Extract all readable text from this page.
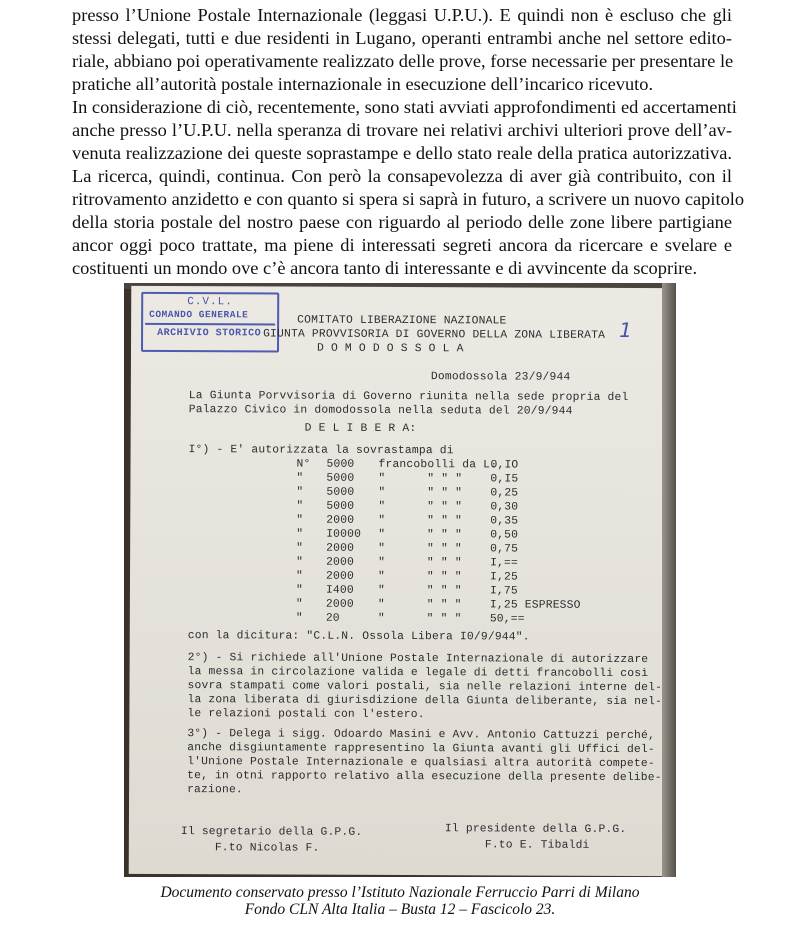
presso l’Unione Postale Internazionale (leggasi U.P.U.). E quindi non è escluso che gli
stessi delegati, tutti e due residenti in Lugano, operanti entrambi anche nel settore edito-
riale, abbiano poi operativamente realizzato delle prove, forse necessarie per presentare le
pratiche all’autorità postale internazionale in esecuzione dell’incarico ricevuto.
In considerazione di ciò, recentemente, sono stati avviati approfondimenti ed accertamenti
anche presso l’U.P.U. nella speranza di trovare nei relativi archivi ulteriori prove dell’av-
venuta realizzazione dei queste soprastampe e dello stato reale della pratica autorizzativa.
La ricerca, quindi, continua. Con però la consapevolezza di aver già contribuito, con il
ritrovamento anzidetto e con quanto si spera si saprà in futuro, a scrivere un nuovo capitolo
della storia postale del nostro paese con riguardo al periodo delle zone libere partigiane
ancor oggi poco trattate, ma piene di interessati segreti ancora da ricercare e svelare e
costituenti un mondo ove c’è ancora tanto di interessante e di avvincente da scoprire.
C.V.L.
COMANDO GENERALE
ARCHIVIO STORICO	1
COMITATO LIBERAZIONE NAZIONALE
GIUNTA PROVVISORIA DI GOVERNO DELLA ZONA LIBERATA
D O M O D O S S O L A
Domodossola 23/9/944
La Giunta Porvvisoria di Governo riunita nella sede propria del
Palazzo Civico in domodossola nella seduta del 20/9/944
D E L I B E R A:
I°) - E' autorizzata la sovrastampa di
N° 5000 francobolli da L.
0,IO
" 5000 "      " " " 0,I5
" 5000 "      " " " 0,25
" 5000 "      " " " 0,30
" 2000 "      " " " 0,35
" I0000 "      " " " 0,50
" 2000 "      " " " 0,75
" 2000 "      " " " I,==
" 2000 "      " " " I,25
" I400 "      " " " I,75
" 2000 "      " " " I,25 ESPRESSO
" 20	"      " " " 50,==
con la dicitura: "C.L.N. Ossola Libera I0/9/944".
2°) - Si richiede all'Unione Postale Internazionale di autorizzare
la messa in circolazione valida e legale di detti francobolli così
sovra stampati come valori postali, sia nelle relazioni interne del-
la zona liberata di giurisdizione della Giunta deliberante, sia nel-
le relazioni postali con l'estero.
3°) - Delega i sigg. Odoardo Masini e Avv. Antonio Cattuzzi perché,
anche disgiuntamente rappresentino la Giunta avanti gli Uffici del-
l'Unione Postale Internazionale e qualsiasi altra autorità compete-
te, in otni rapporto relativo alla esecuzione della presente delibe-
razione.
Il segretario della G.P.G.
F.to Nicolas F.
Il presidente della G.P.G.
F.to E. Tibaldi
Documento conservato presso l’Istituto Nazionale Ferruccio Parri di Milano
Fondo CLN Alta Italia – Busta 12 – Fascicolo 23.
